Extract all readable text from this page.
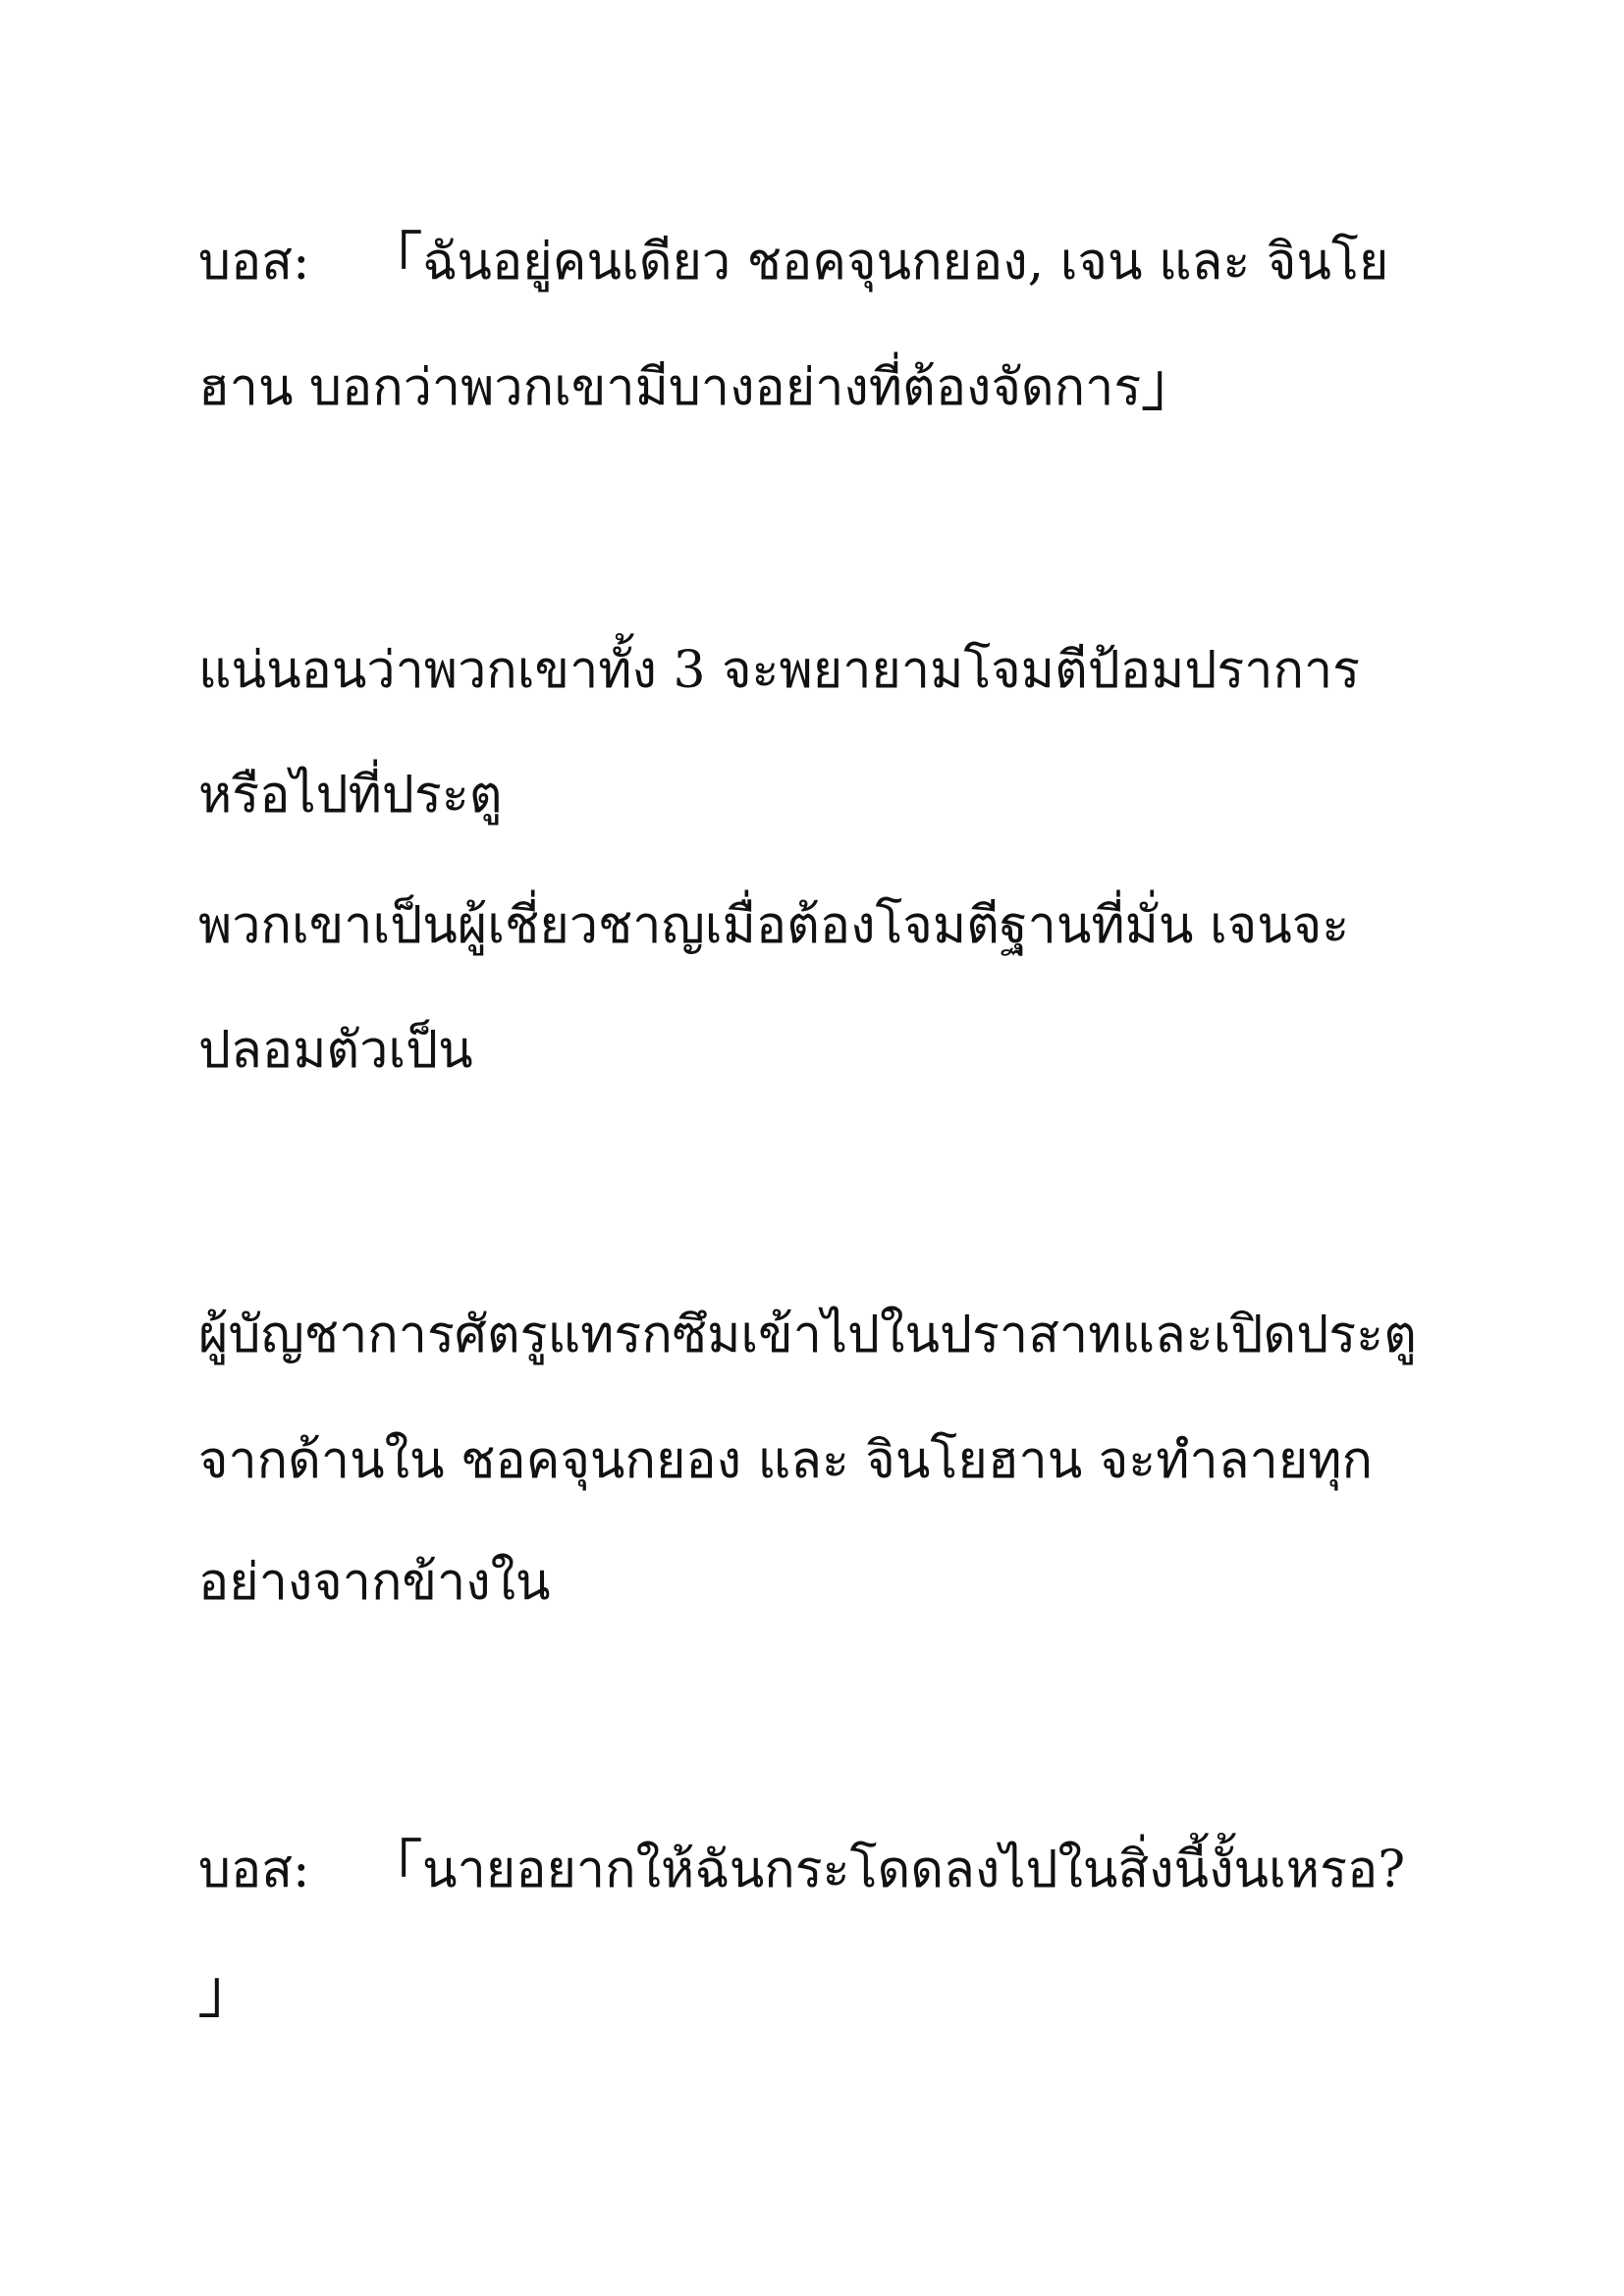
บอส: 「ฉันอยู่คนเดียว ชอคจุนกยอง, เจน และ จินโย
ฮาน บอกว่าพวกเขามีบางอย่างที่ต้องจัดการ」
แน่นอนว่าพวกเขาทั้ง 3 จะพยายามโจมตีป้อมปราการ
หรือไปที่ประตู
พวกเขาเป็นผู้เชี่ยวชาญเมื่อต้องโจมตีฐานที่มั่น เจนจะ
ปลอมตัวเป็น
ผู้บัญชาการศัตรูแทรกซึมเข้าไปในปราสาทและเปิดประตู
จากด้านใน ชอคจุนกยอง และ จินโยฮาน จะทำลายทุก
อย่างจากข้างใน
บอส: 「นายอยากให้ฉันกระโดดลงไปในสิ่งนี้งั้นเหรอ?
」
